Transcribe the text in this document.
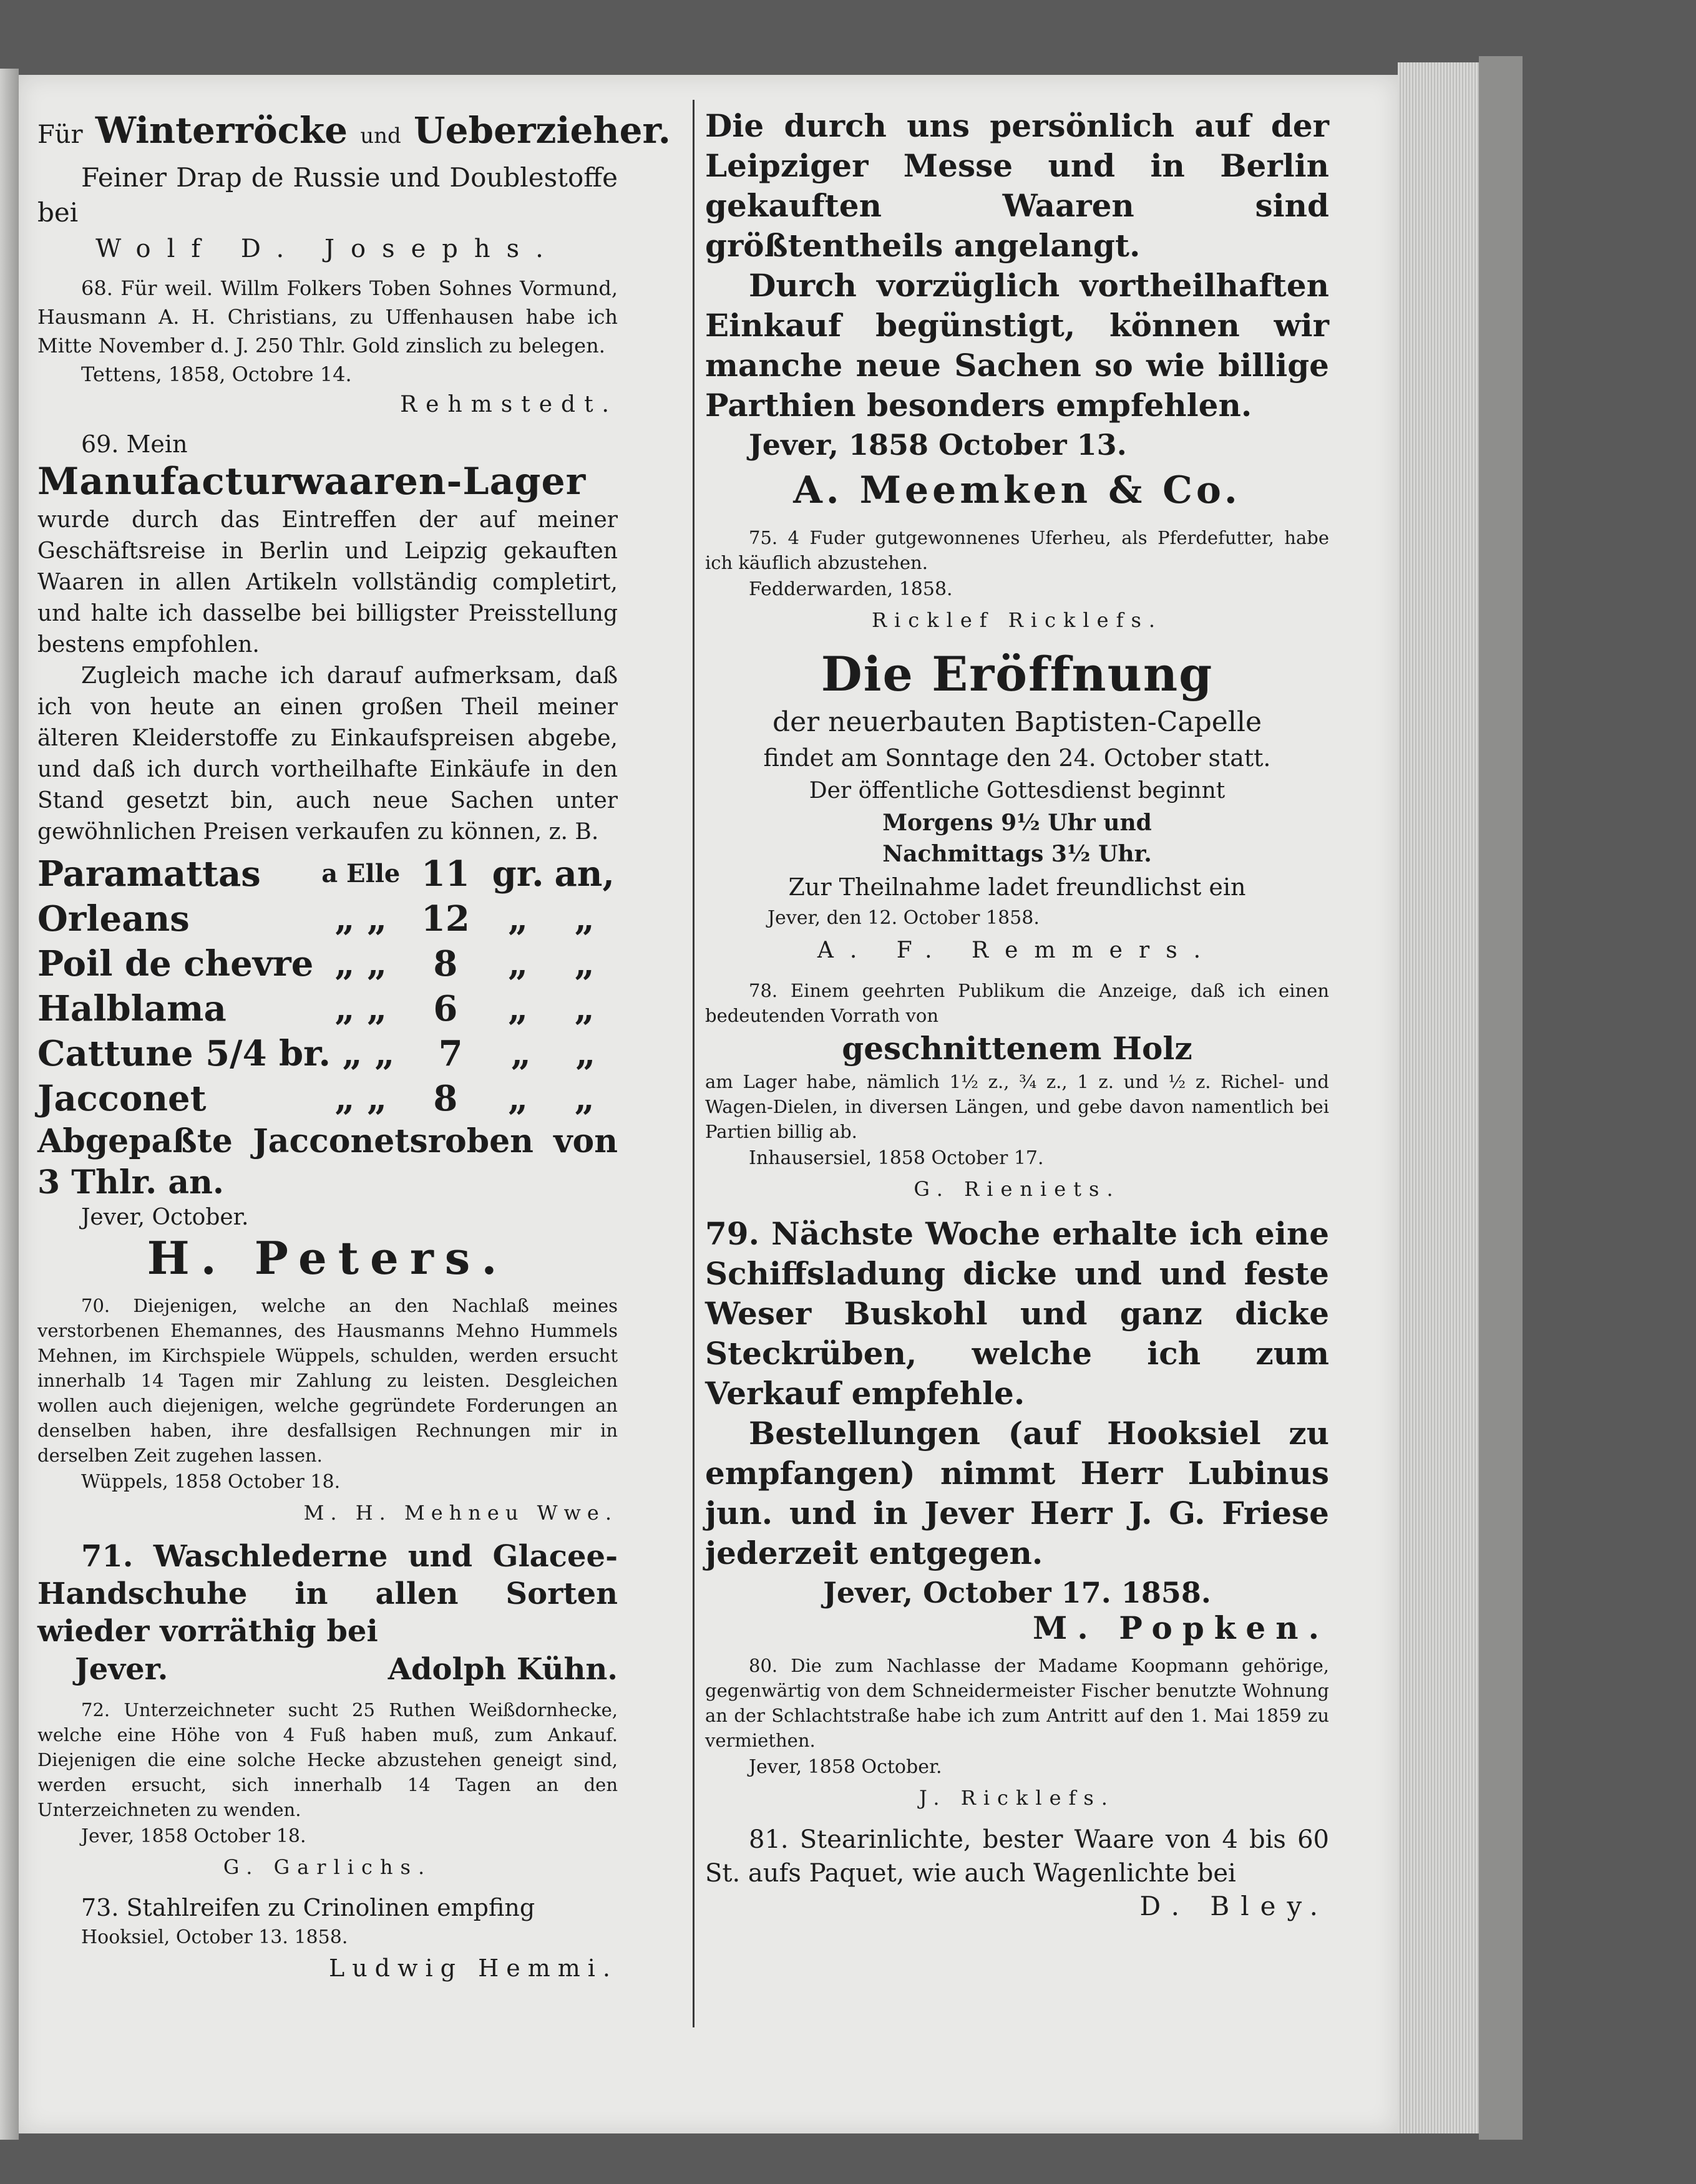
Für Winterröcke und Ueberzieher.
Feiner Drap de Russie und Doublestoffe bei
Wolf D. Josephs.
68. Für weil. Willm Folkers Toben Sohnes Vormund, Hausmann A. H. Christians, zu Uffenhausen habe ich Mitte November d. J. 250 Thlr. Gold zinslich zu belegen.
Tettens, 1858, Octobre 14.
Rehmstedt.
69. Mein
Manufacturwaaren-Lager
wurde durch das Eintreffen der auf meiner Geschäftsreise in Berlin und Leipzig gekauften Waaren in allen Artikeln vollständig completirt, und halte ich dasselbe bei billigster Preisstellung bestens empfohlen.
Zugleich mache ich darauf aufmerksam, daß ich von heute an einen großen Theil meiner älteren Kleiderstoffe zu Einkaufspreisen abgebe, und daß ich durch vortheilhafte Einkäufe in den Stand gesetzt bin, auch neue Sachen unter gewöhnlichen Preisen verkaufen zu können, z. B.
Paramattas	a Elle 11 gr. an,
Orleans	„ „ 12	„	„
Poil de chevre „ „	8	„	„
Halblama	„ „	6	„	„
Cattune 5/4 br. „ „	7	„	„
Jacconet	„ „	8	„	„
Abgepaßte Jacconetsroben von 3 Thlr. an.
Jever, October.
H. Peters.
70. Diejenigen, welche an den Nachlaß meines verstorbenen Ehemannes, des Hausmanns Mehno Hummels Mehnen, im Kirchspiele Wüppels, schulden, werden ersucht innerhalb 14 Tagen mir Zahlung zu leisten. Desgleichen wollen auch diejenigen, welche gegründete Forderungen an denselben haben, ihre desfallsigen Rechnungen mir in derselben Zeit zugehen lassen.
Wüppels, 1858 October 18.
M. H. Mehneu Wwe.
71. Waschlederne und Glacee-Handschuhe in allen Sorten wieder vorräthig bei
Jever.	Adolph Kühn.
72. Unterzeichneter sucht 25 Ruthen Weißdornhecke, welche eine Höhe von 4 Fuß haben muß, zum Ankauf. Diejenigen die eine solche Hecke abzustehen geneigt sind, werden ersucht, sich innerhalb 14 Tagen an den Unterzeichneten zu wenden.
Jever, 1858 October 18.
G. Garlichs.
73. Stahlreifen zu Crinolinen empfing
Hooksiel, October 13. 1858.
Ludwig Hemmi.
Die durch uns persönlich auf der Leipziger Messe und in Berlin gekauften Waaren sind größtentheils angelangt.
Durch vorzüglich vortheilhaften Einkauf begünstigt, können wir manche neue Sachen so wie billige Parthien besonders empfehlen.
Jever, 1858 October 13.
A. Meemken & Co.
75. 4 Fuder gutgewonnenes Uferheu, als Pferdefutter, habe ich käuflich abzustehen.
Fedderwarden, 1858.
Ricklef Ricklefs.
Die Eröffnung
der neuerbauten Baptisten-Capelle
findet am Sonntage den 24. October statt.
Der öffentliche Gottesdienst beginnt
Morgens 9½ Uhr und
Nachmittags 3½ Uhr.
Zur Theilnahme ladet freundlichst ein
Jever, den 12. October 1858.
A. F. Remmers.
78. Einem geehrten Publikum die Anzeige, daß ich einen bedeutenden Vorrath von
geschnittenem Holz
am Lager habe, nämlich 1½ z., ¾ z., 1 z. und ½ z. Richel- und Wagen-Dielen, in diversen Längen, und gebe davon namentlich bei Partien billig ab.
Inhausersiel, 1858 October 17.
G. Rieniets.
79. Nächste Woche erhalte ich eine Schiffsladung dicke und und feste Weser Buskohl und ganz dicke Steckrüben, welche ich zum Verkauf empfehle.
Bestellungen (auf Hooksiel zu empfangen) nimmt Herr Lubinus jun. und in Jever Herr J. G. Friese jederzeit entgegen.
Jever, October 17. 1858.
M. Popken.
80. Die zum Nachlasse der Madame Koopmann gehörige, gegenwärtig von dem Schneidermeister Fischer benutzte Wohnung an der Schlachtstraße habe ich zum Antritt auf den 1. Mai 1859 zu vermiethen.
Jever, 1858 October.
J. Ricklefs.
81. Stearinlichte, bester Waare von 4 bis 60 St. aufs Paquet, wie auch Wagenlichte bei
D. Bley.
